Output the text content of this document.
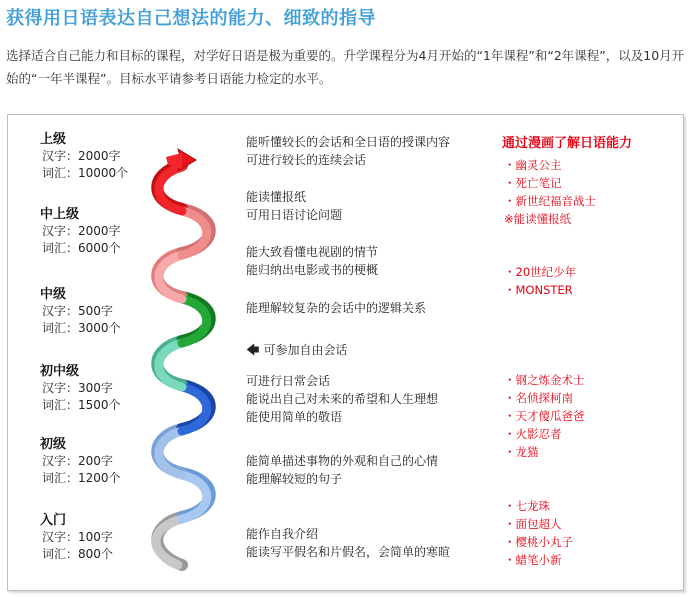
获得用日语表达自己想法的能力、细致的指导

选择适合自己能力和目标的课程，对学好日语是极为重要的。升学课程分为4月开始的“1年课程”和“2年课程”，以及10月开始的“一年半课程”。目标水平请参考日语能力检定的水平。

上级
汉字：2000字
词汇：10000个
中上级
汉字：2000字
词汇：6000个
中级
汉字：500字
词汇：3000个
初中级
汉字：300字
词汇：1500个
初级
汉字：200字
词汇：1200个
入门
汉字：100字
词汇：800个
能听懂较长的会话和全日语的授课内容
可进行较长的连续会话
能读懂报纸
可用日语讨论问题
能大致看懂电视剧的情节
能归纳出电影或书的梗概
能理解较复杂的会话中的逻辑关系
🡄 可参加自由会话
可进行日常会话
能说出自己对未来的希望和人生理想
能使用简单的敬语
能简单描述事物的外观和自己的心情
能理解较短的句子
能作自我介绍
能读写平假名和片假名，会简单的寒暄
通过漫画了解日语能力
・幽灵公主
・死亡笔记
・新世纪福音战士
※能读懂报纸
・20世纪少年
・MONSTER
・钢之炼金术士
・名侦探柯南
・天才傻瓜爸爸
・火影忍者
・龙猫
・七龙珠
・面包超人
・樱桃小丸子
・蜡笔小新
